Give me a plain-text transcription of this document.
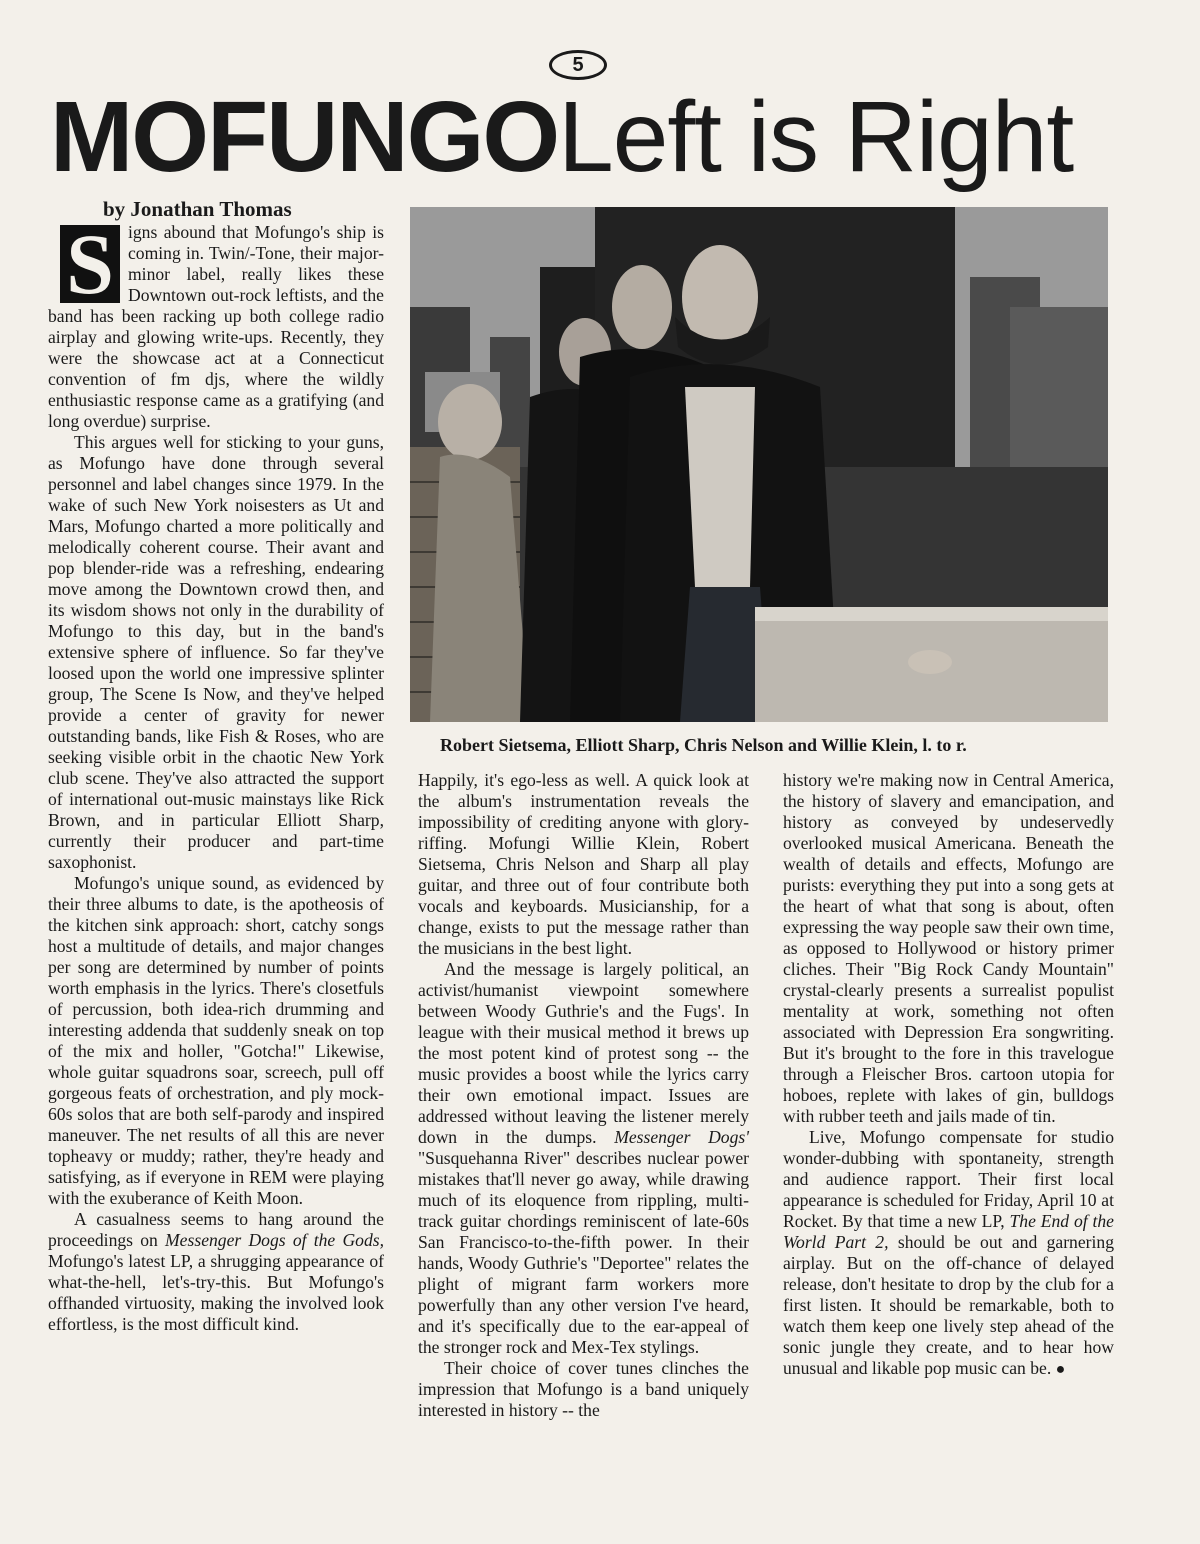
5
MOFUNGOLeft is Right
by Jonathan Thomas

S igns abound that Mofungo's ship is coming in. Twin/-Tone, their major-minor label, really likes these Downtown out-rock leftists, and the band has been racking up both college radio airplay and glowing write-ups. Recently, they were the showcase act at a Connecticut convention of fm djs, where the wildly enthusiastic response came as a gratifying (and long overdue) surprise.

This argues well for sticking to your guns, as Mofungo have done through several personnel and label changes since 1979. In the wake of such New York noisesters as Ut and Mars, Mofungo charted a more politically and melodically coherent course. Their avant and pop blender-ride was a refreshing, endearing move among the Downtown crowd then, and its wisdom shows not only in the durability of Mofungo to this day, but in the band's extensive sphere of influence. So far they've loosed upon the world one impressive splinter group, The Scene Is Now, and they've helped provide a center of gravity for newer outstanding bands, like Fish & Roses, who are seeking visible orbit in the chaotic New York club scene. They've also attracted the support of international out-music mainstays like Rick Brown, and in particular Elliott Sharp, currently their producer and part-time saxophonist.

Mofungo's unique sound, as evidenced by their three albums to date, is the apotheosis of the kitchen sink approach: short, catchy songs host a multitude of details, and major changes per song are determined by number of points worth emphasis in the lyrics. There's closetfuls of percussion, both idea-rich drumming and interesting addenda that suddenly sneak on top of the mix and holler, "Gotcha!" Likewise, whole guitar squadrons soar, screech, pull off gorgeous feats of orchestration, and ply mock-60s solos that are both self-parody and inspired maneuver. The net results of all this are never topheavy or muddy; rather, they're heady and satisfying, as if everyone in REM were playing with the exuberance of Keith Moon.

A casualness seems to hang around the proceedings on Messenger Dogs of the Gods, Mofungo's latest LP, a shrugging appearance of what-the-hell, let's-try-this. But Mofungo's offhanded virtuosity, making the involved look effortless, is the most difficult kind.

Robert Sietsema, Elliott Sharp, Chris Nelson and Willie Klein, l. to r.

Happily, it's ego-less as well. A quick look at the album's instrumentation reveals the impossibility of crediting anyone with glory-riffing. Mofungi Willie Klein, Robert Sietsema, Chris Nelson and Sharp all play guitar, and three out of four contribute both vocals and keyboards. Musicianship, for a change, exists to put the message rather than the musicians in the best light.

And the message is largely political, an activist/humanist viewpoint somewhere between Woody Guthrie's and the Fugs'. In league with their musical method it brews up the most potent kind of protest song -- the music provides a boost while the lyrics carry their own emotional impact. Issues are addressed without leaving the listener merely down in the dumps. Messenger Dogs' "Susquehanna River" describes nuclear power mistakes that'll never go away, while drawing much of its eloquence from rippling, multi-track guitar chordings reminiscent of late-60s San Francisco-to-the-fifth power. In their hands, Woody Guthrie's "Deportee" relates the plight of migrant farm workers more powerfully than any other version I've heard, and it's specifically due to the ear-appeal of the stronger rock and Mex-Tex stylings.

Their choice of cover tunes clinches the impression that Mofungo is a band uniquely interested in history -- the

history we're making now in Central America, the history of slavery and emancipation, and history as conveyed by undeservedly overlooked musical Americana. Beneath the wealth of details and effects, Mofungo are purists: everything they put into a song gets at the heart of what that song is about, often expressing the way people saw their own time, as opposed to Hollywood or history primer cliches. Their "Big Rock Candy Mountain" crystal-clearly presents a surrealist populist mentality at work, something not often associated with Depression Era songwriting. But it's brought to the fore in this travelogue through a Fleischer Bros. cartoon utopia for hoboes, replete with lakes of gin, bulldogs with rubber teeth and jails made of tin.

Live, Mofungo compensate for studio wonder-dubbing with spontaneity, strength and audience rapport. Their first local appearance is scheduled for Friday, April 10 at Rocket. By that time a new LP, The End of the World Part 2, should be out and garnering airplay. But on the off-chance of delayed release, don't hesitate to drop by the club for a first listen. It should be remarkable, both to watch them keep one lively step ahead of the sonic jungle they create, and to hear how unusual and likable pop music can be. ●
